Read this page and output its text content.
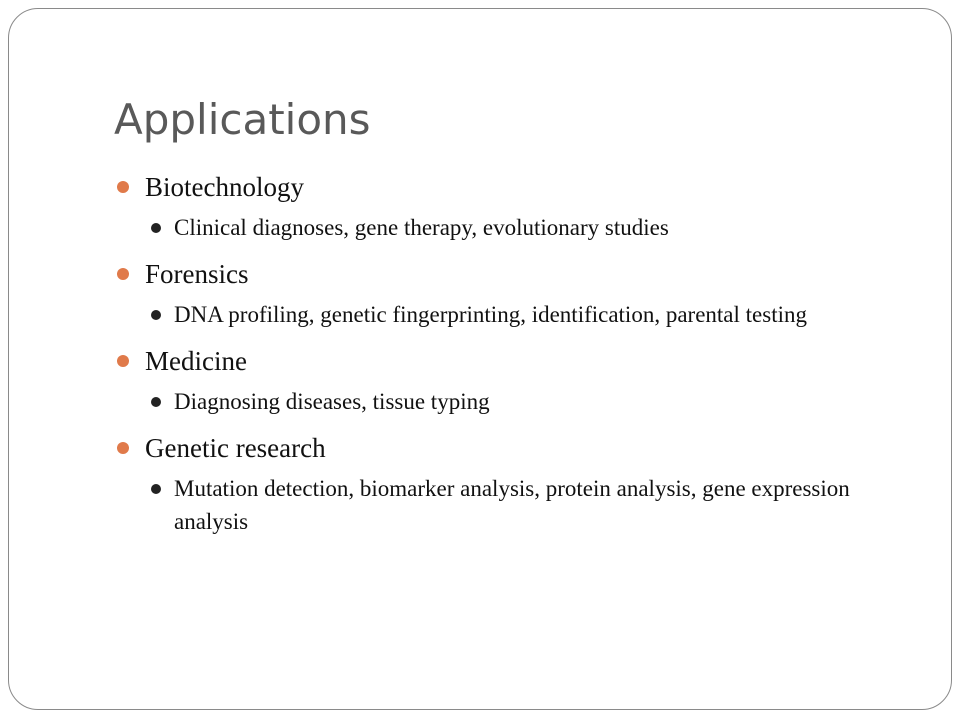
Applications
Biotechnology
Clinical diagnoses, gene therapy, evolutionary studies
Forensics
DNA profiling, genetic fingerprinting, identification, parental testing
Medicine
Diagnosing diseases, tissue typing
Genetic research
Mutation detection, biomarker analysis, protein analysis, gene expression analysis
